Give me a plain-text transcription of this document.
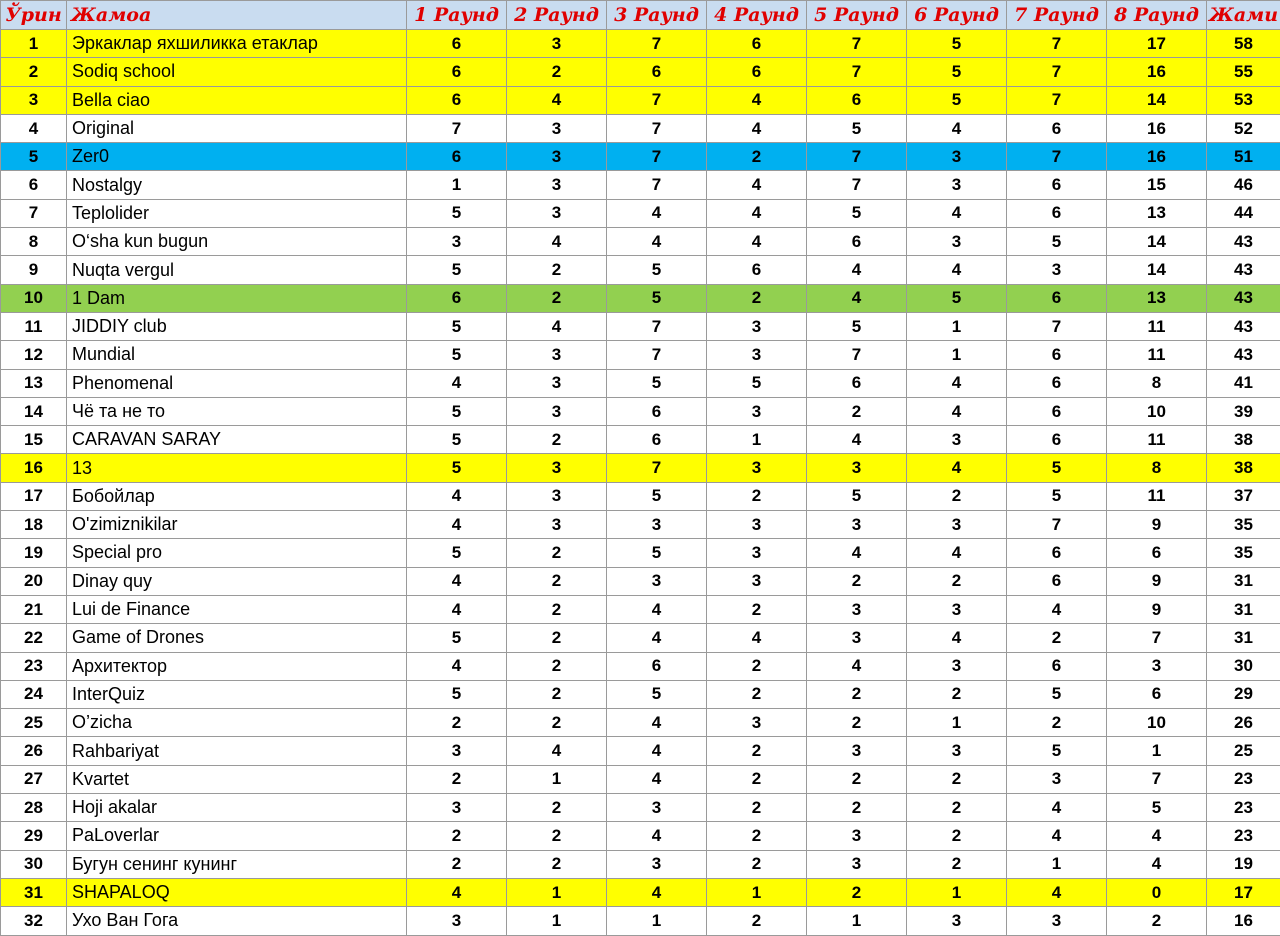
Ўрин	Жамоа	1 Раунд	2 Раунд	3 Раунд	4 Раунд	5 Раунд	6 Раунд	7 Раунд	8 Раунд	Жами
1	Эркаклар яхшиликка етаклар	6	3	7	6	7	5	7	17	58
2	Sodiq school	6	2	6	6	7	5	7	16	55
3	Bella ciao	6	4	7	4	6	5	7	14	53
4	Original	7	3	7	4	5	4	6	16	52
5	Zer0	6	3	7	2	7	3	7	16	51
6	Nostalgy	1	3	7	4	7	3	6	15	46
7	Teplolider	5	3	4	4	5	4	6	13	44
8	O‘sha kun bugun	3	4	4	4	6	3	5	14	43
9	Nuqta vergul	5	2	5	6	4	4	3	14	43
10	1 Dam	6	2	5	2	4	5	6	13	43
11	JIDDIY club	5	4	7	3	5	1	7	11	43
12	Mundial	5	3	7	3	7	1	6	11	43
13	Phenomenal	4	3	5	5	6	4	6	8	41
14	Чё та не то	5	3	6	3	2	4	6	10	39
15	CARAVAN SARAY	5	2	6	1	4	3	6	11	38
16	13	5	3	7	3	3	4	5	8	38
17	Бобойлар	4	3	5	2	5	2	5	11	37
18	O'zimiznikilar	4	3	3	3	3	3	7	9	35
19	Special pro	5	2	5	3	4	4	6	6	35
20	Dinay quy	4	2	3	3	2	2	6	9	31
21	Lui de Finance	4	2	4	2	3	3	4	9	31
22	Game of Drones	5	2	4	4	3	4	2	7	31
23	Архитектор	4	2	6	2	4	3	6	3	30
24	InterQuiz	5	2	5	2	2	2	5	6	29
25	O’zicha	2	2	4	3	2	1	2	10	26
26	Rahbariyat	3	4	4	2	3	3	5	1	25
27	Kvartet	2	1	4	2	2	2	3	7	23
28	Hoji akalar	3	2	3	2	2	2	4	5	23
29	PaLoverlar	2	2	4	2	3	2	4	4	23
30	Бугун сенинг кунинг	2	2	3	2	3	2	1	4	19
31	SHAPALOQ	4	1	4	1	2	1	4	0	17
32	Ухо Ван Гога	3	1	1	2	1	3	3	2	16
